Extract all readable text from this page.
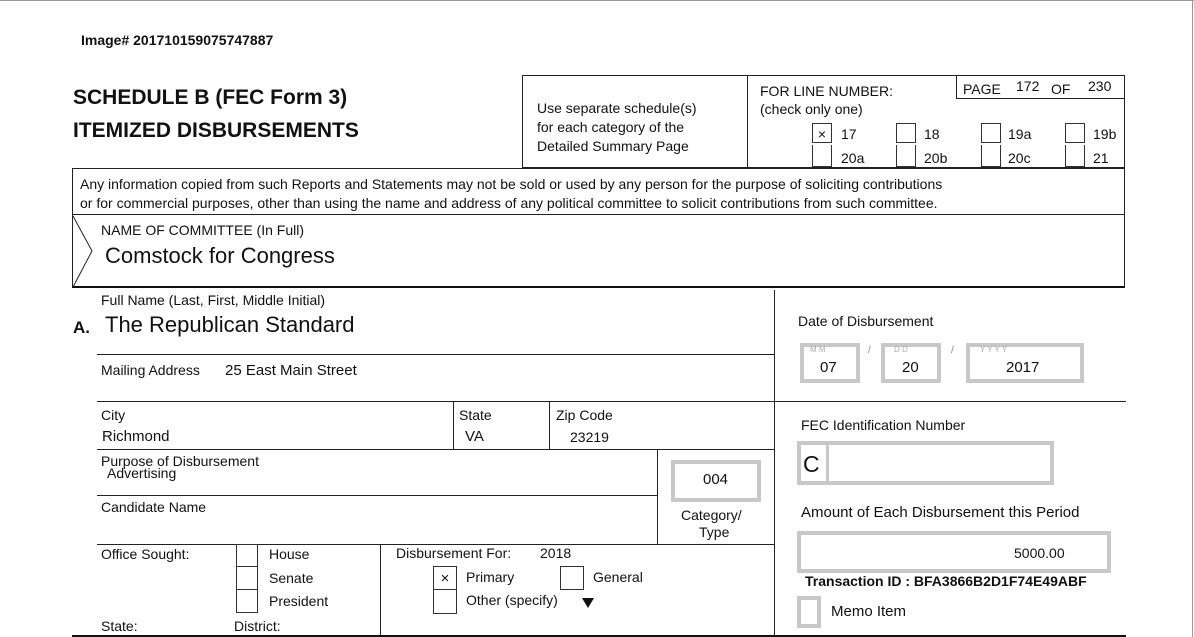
Image# 201710159075747887
SCHEDULE B (FEC Form 3)
ITEMIZED DISBURSEMENTS
Use separate schedule(s)
for each category of the
Detailed Summary Page
FOR LINE NUMBER:
(check only one)
PAGE 172 OF 230
×	17	18	19a	19b
20a	20b	20c	21
Any information copied from such Reports and Statements may not be sold or used by any person for the purpose of soliciting contributions
or for commercial purposes, other than using the name and address of any political committee to solicit contributions from such committee.
NAME OF COMMITTEE (In Full)
Comstock for Congress
Full Name (Last, First, Middle Initial)
A. The Republican Standard
Mailing Address 25 East Main Street
City
Richmond
State
VA
Zip Code
23219
Purpose of Disbursement
Advertising	004
Category/
Type
Candidate Name
Office Sought:	House
Senate
President
State:	District:
Disbursement For: 2018
×	Primary	General
Other (specify)
Date of Disbursement
M M
07
/	D D
20
/	Y Y Y Y
2017
FEC Identification Number
C
Amount of Each Disbursement this Period
5000.00
Transaction ID : BFA3866B2D1F74E49ABF
Memo Item
